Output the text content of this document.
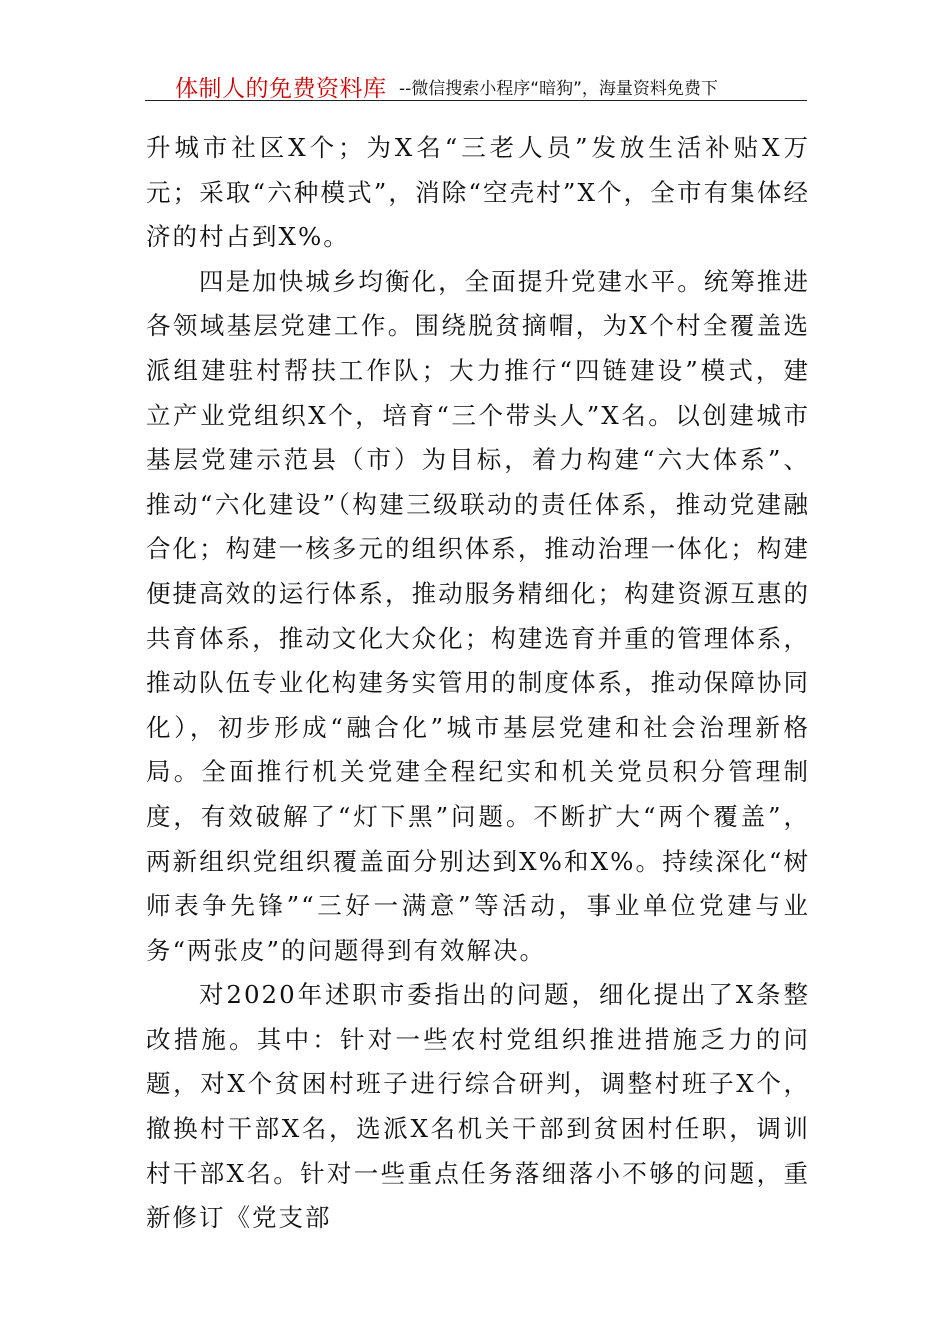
体制人的免费资料库 --微信搜索小程序“暗狗”，海量资料免费下

升城市社区X个；为X名“三老人员”发放生活补贴X万元；采取“六种模式”，消除“空壳村”X个，全市有集体经济的村占到X%。

四是加快城乡均衡化，全面提升党建水平。统筹推进各领域基层党建工作。围绕脱贫摘帽，为X个村全覆盖选派组建驻村帮扶工作队；大力推行“四链建设”模式，建立产业党组织X个，培育“三个带头人”X名。以创建城市基层党建示范县（市）为目标，着力构建“六大体系”、推动“六化建设”（构建三级联动的责任体系，推动党建融合化；构建一核多元的组织体系，推动治理一体化；构建便捷高效的运行体系，推动服务精细化；构建资源互惠的共育体系，推动文化大众化；构建选育并重的管理体系，推动队伍专业化构建务实管用的制度体系，推动保障协同化），初步形成“融合化”城市基层党建和社会治理新格局。全面推行机关党建全程纪实和机关党员积分管理制度，有效破解了“灯下黑”问题。不断扩大“两个覆盖”，两新组织党组织覆盖面分别达到X%和X%。持续深化“树师表争先锋”“三好一满意”等活动，事业单位党建与业务“两张皮”的问题得到有效解决。

对2020年述职市委指出的问题，细化提出了X条整改措施。其中：针对一些农村党组织推进措施乏力的问题，对X个贫困村班子进行综合研判，调整村班子X个，撤换村干部X名，选派X名机关干部到贫困村任职，调训村干部X名。针对一些重点任务落细落小不够的问题，重新修订《党支部
